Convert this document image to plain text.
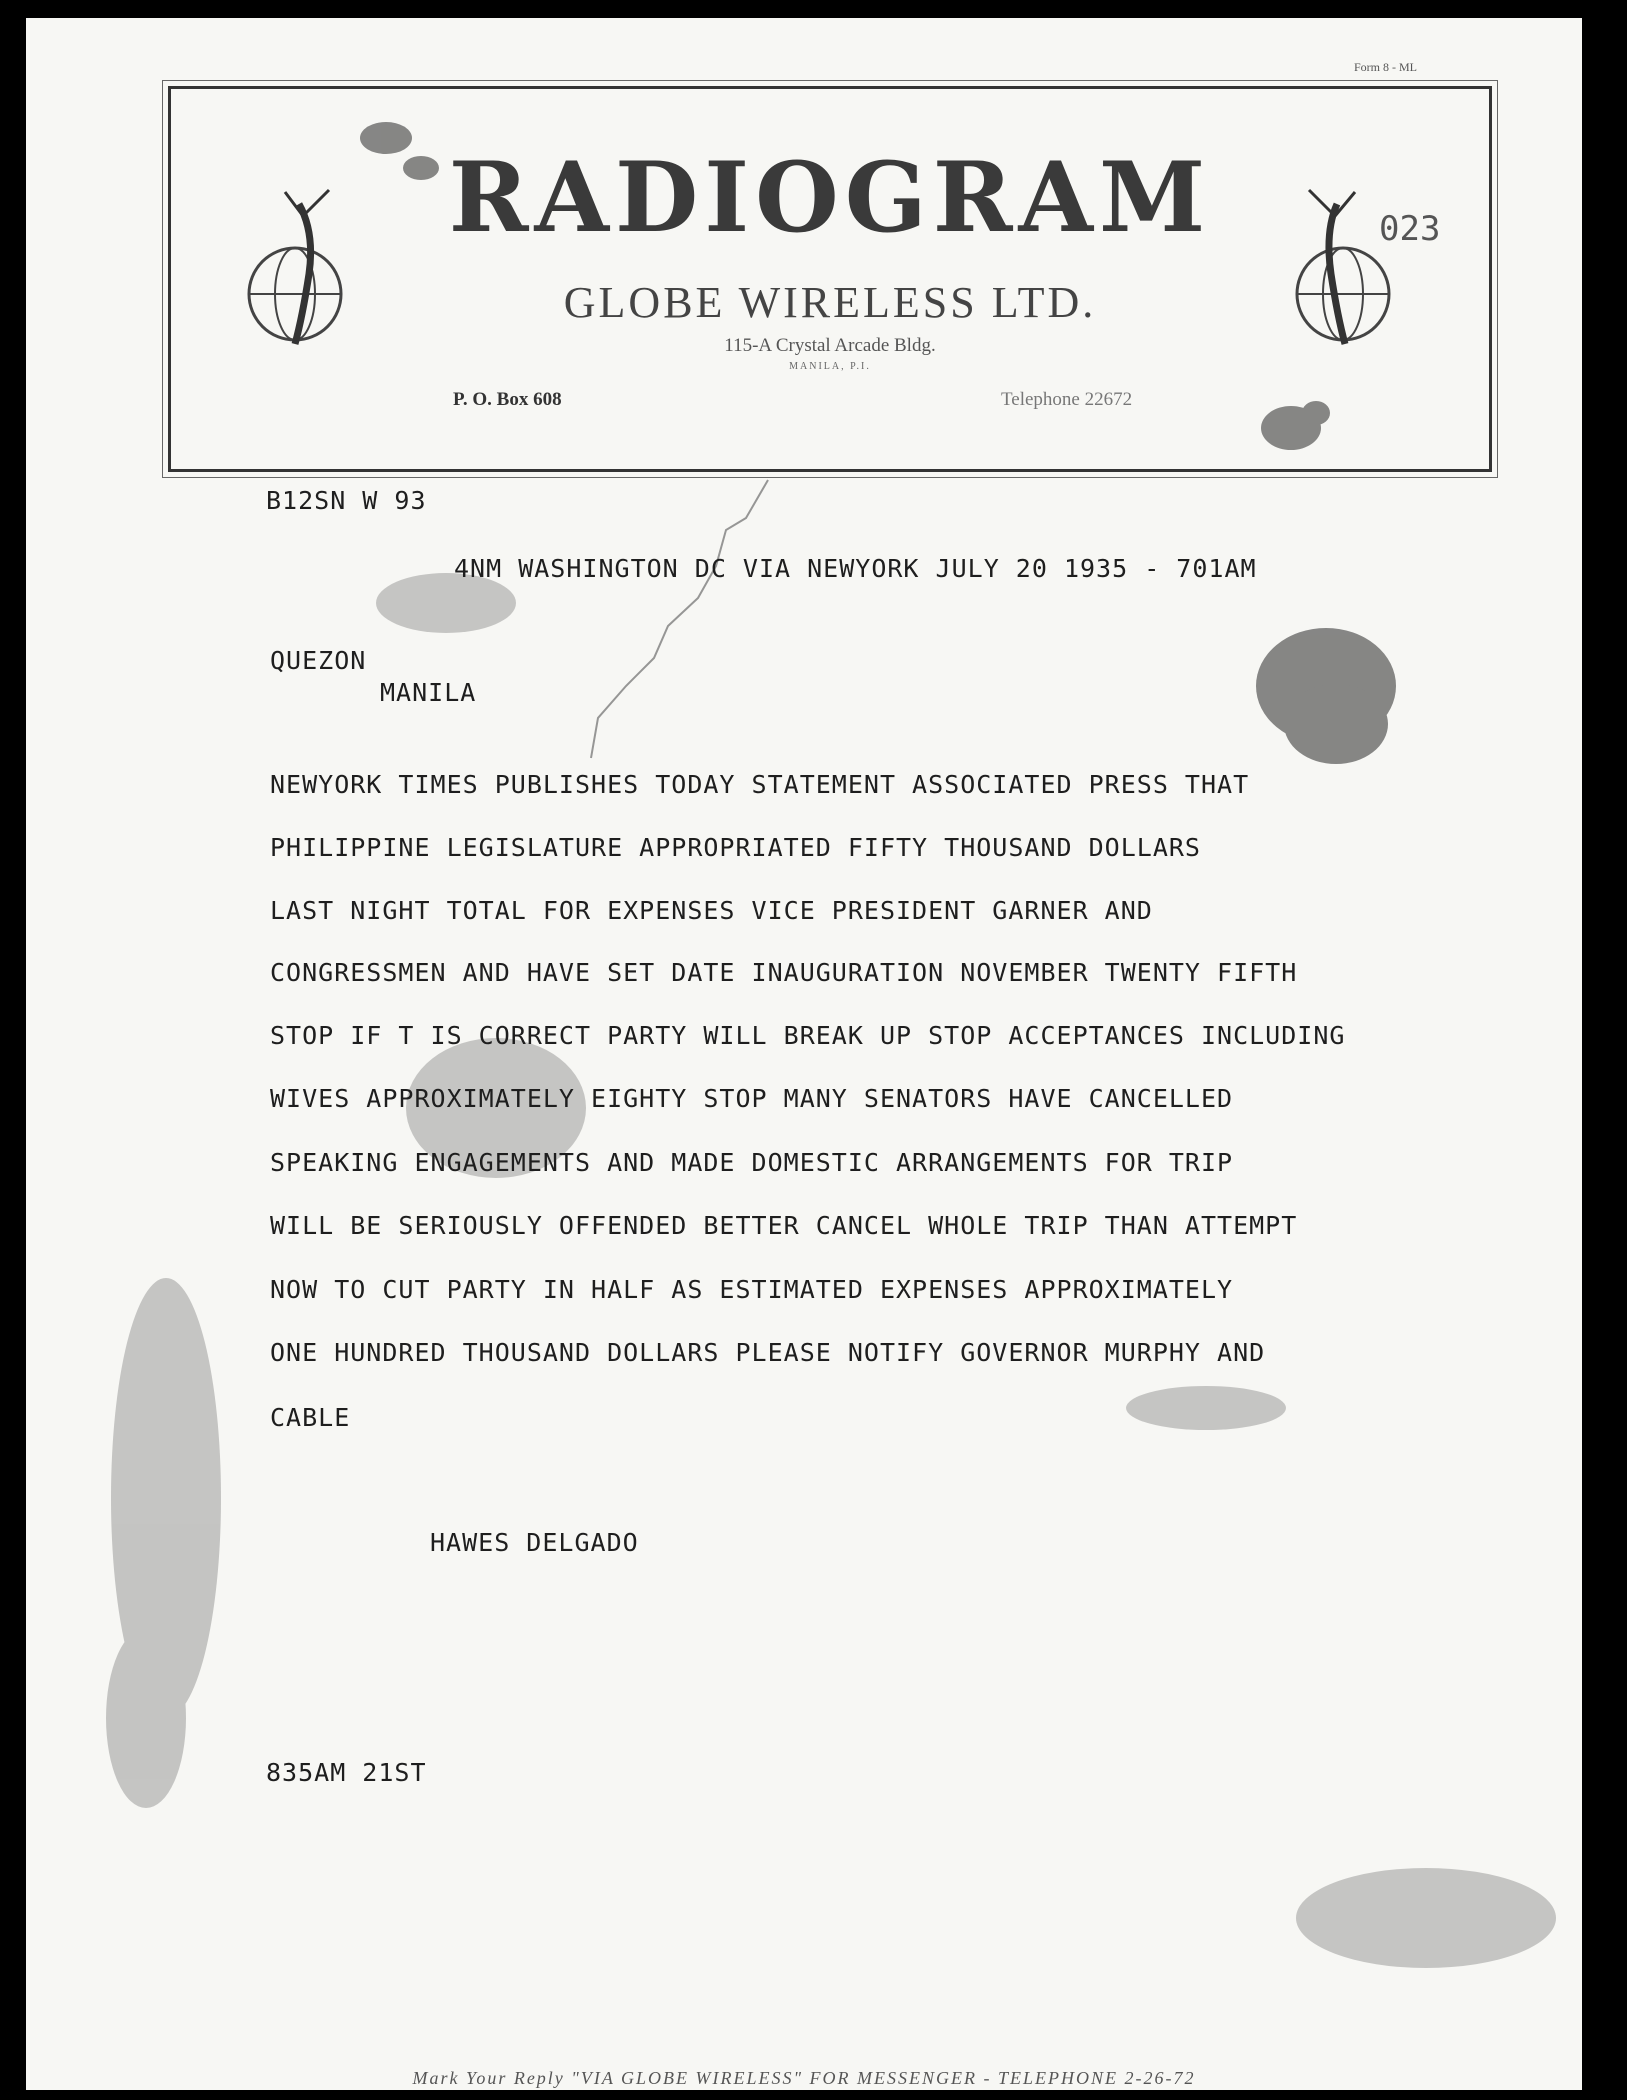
Form 8 - ML
RADIOGRAM
GLOBE WIRELESS LTD.
115-A Crystal Arcade Bldg.
MANILA, P.I.
P. O. Box 608	Telephone 22672
023
B12SN W 93
4NM WASHINGTON DC VIA NEWYORK JULY 20 1935 - 701AM
QUEZON
MANILA
NEWYORK TIMES PUBLISHES TODAY STATEMENT ASSOCIATED PRESS THAT
PHILIPPINE LEGISLATURE APPROPRIATED FIFTY THOUSAND DOLLARS
LAST NIGHT TOTAL FOR EXPENSES VICE PRESIDENT GARNER AND
CONGRESSMEN AND HAVE SET DATE INAUGURATION NOVEMBER TWENTY FIFTH
STOP IF T IS CORRECT PARTY WILL BREAK UP STOP ACCEPTANCES INCLUDING
WIVES APPROXIMATELY EIGHTY STOP MANY SENATORS HAVE CANCELLED
SPEAKING ENGAGEMENTS AND MADE DOMESTIC ARRANGEMENTS FOR TRIP
WILL BE SERIOUSLY OFFENDED BETTER CANCEL WHOLE TRIP THAN ATTEMPT
NOW TO CUT PARTY IN HALF AS ESTIMATED EXPENSES APPROXIMATELY
ONE HUNDRED THOUSAND DOLLARS PLEASE NOTIFY GOVERNOR MURPHY AND
CABLE
HAWES DELGADO
835AM 21ST
Mark Your Reply "VIA GLOBE WIRELESS" FOR MESSENGER - TELEPHONE 2-26-72
